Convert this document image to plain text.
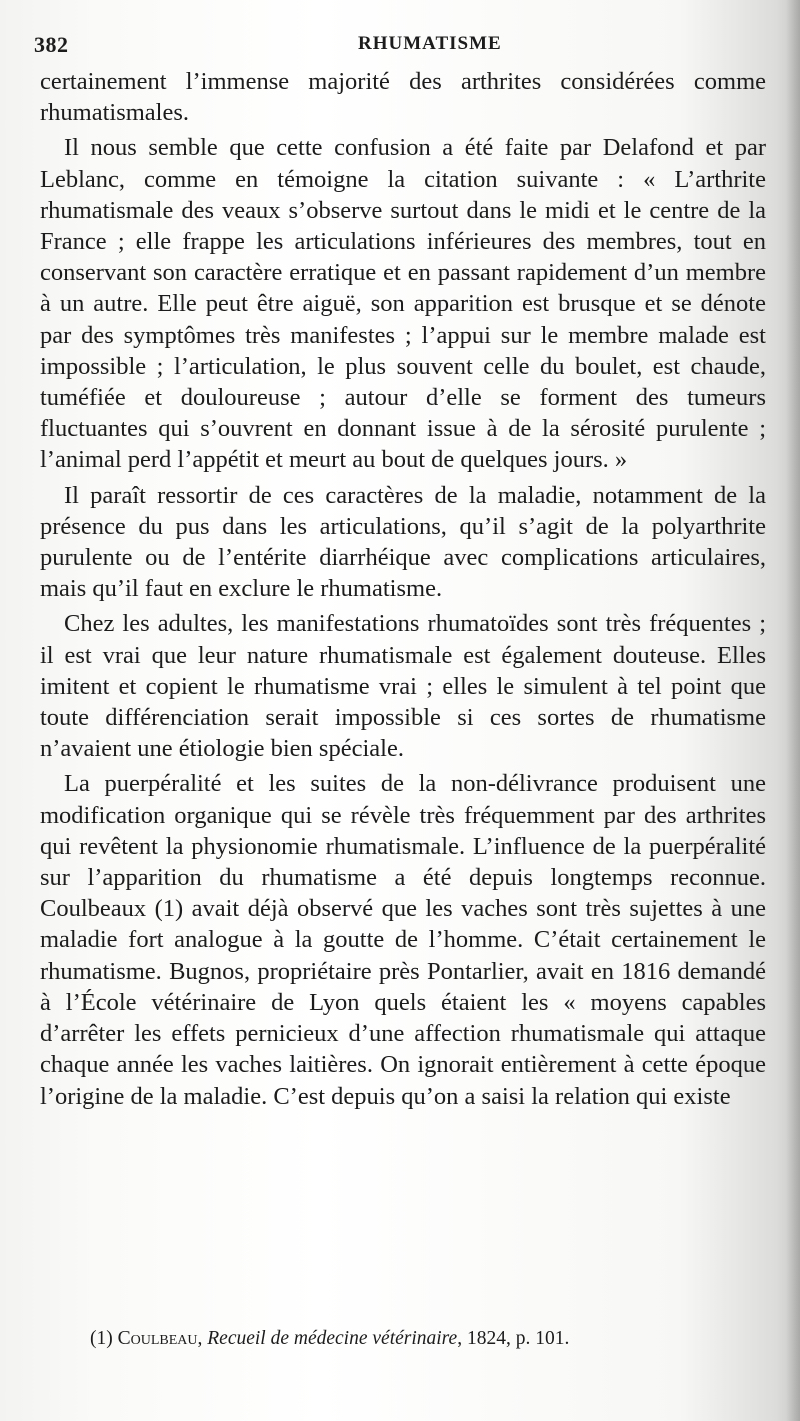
382	RHUMATISME

certainement l’immense majorité des arthrites considérées comme rhumatismales.

Il nous semble que cette confusion a été faite par Delafond et par Leblanc, comme en témoigne la citation suivante : « L’arthrite rhumatismale des veaux s’observe surtout dans le midi et le centre de la France ; elle frappe les articulations inférieures des membres, tout en conservant son caractère erratique et en passant rapidement d’un membre à un autre. Elle peut être aiguë, son apparition est brusque et se dénote par des symptômes très manifestes ; l’appui sur le membre malade est impossible ; l’articulation, le plus souvent celle du boulet, est chaude, tuméfiée et douloureuse ; autour d’elle se forment des tumeurs fluctuantes qui s’ouvrent en donnant issue à de la sérosité purulente ; l’animal perd l’appétit et meurt au bout de quelques jours. »

Il paraît ressortir de ces caractères de la maladie, notamment de la présence du pus dans les articulations, qu’il s’agit de la polyarthrite purulente ou de l’entérite diarrhéique avec complications articulaires, mais qu’il faut en exclure le rhumatisme.

Chez les adultes, les manifestations rhumatoïdes sont très fréquentes ; il est vrai que leur nature rhumatismale est également douteuse. Elles imitent et copient le rhumatisme vrai ; elles le simulent à tel point que toute différenciation serait impossible si ces sortes de rhumatisme n’avaient une étiologie bien spéciale.

La puerpéralité et les suites de la non-délivrance produisent une modification organique qui se révèle très fréquemment par des arthrites qui revêtent la physionomie rhumatismale. L’influence de la puerpéralité sur l’apparition du rhumatisme a été depuis longtemps reconnue. Coulbeaux (1) avait déjà observé que les vaches sont très sujettes à une maladie fort analogue à la goutte de l’homme. C’était certainement le rhumatisme. Bugnos, propriétaire près Pontarlier, avait en 1816 demandé à l’École vétérinaire de Lyon quels étaient les « moyens capables d’arrêter les effets pernicieux d’une affection rhumatismale qui attaque chaque année les vaches laitières. On ignorait entièrement à cette époque l’origine de la maladie. C’est depuis qu’on a saisi la relation qui existe

(1) Coulbeau, Recueil de médecine vétérinaire, 1824, p. 101.
